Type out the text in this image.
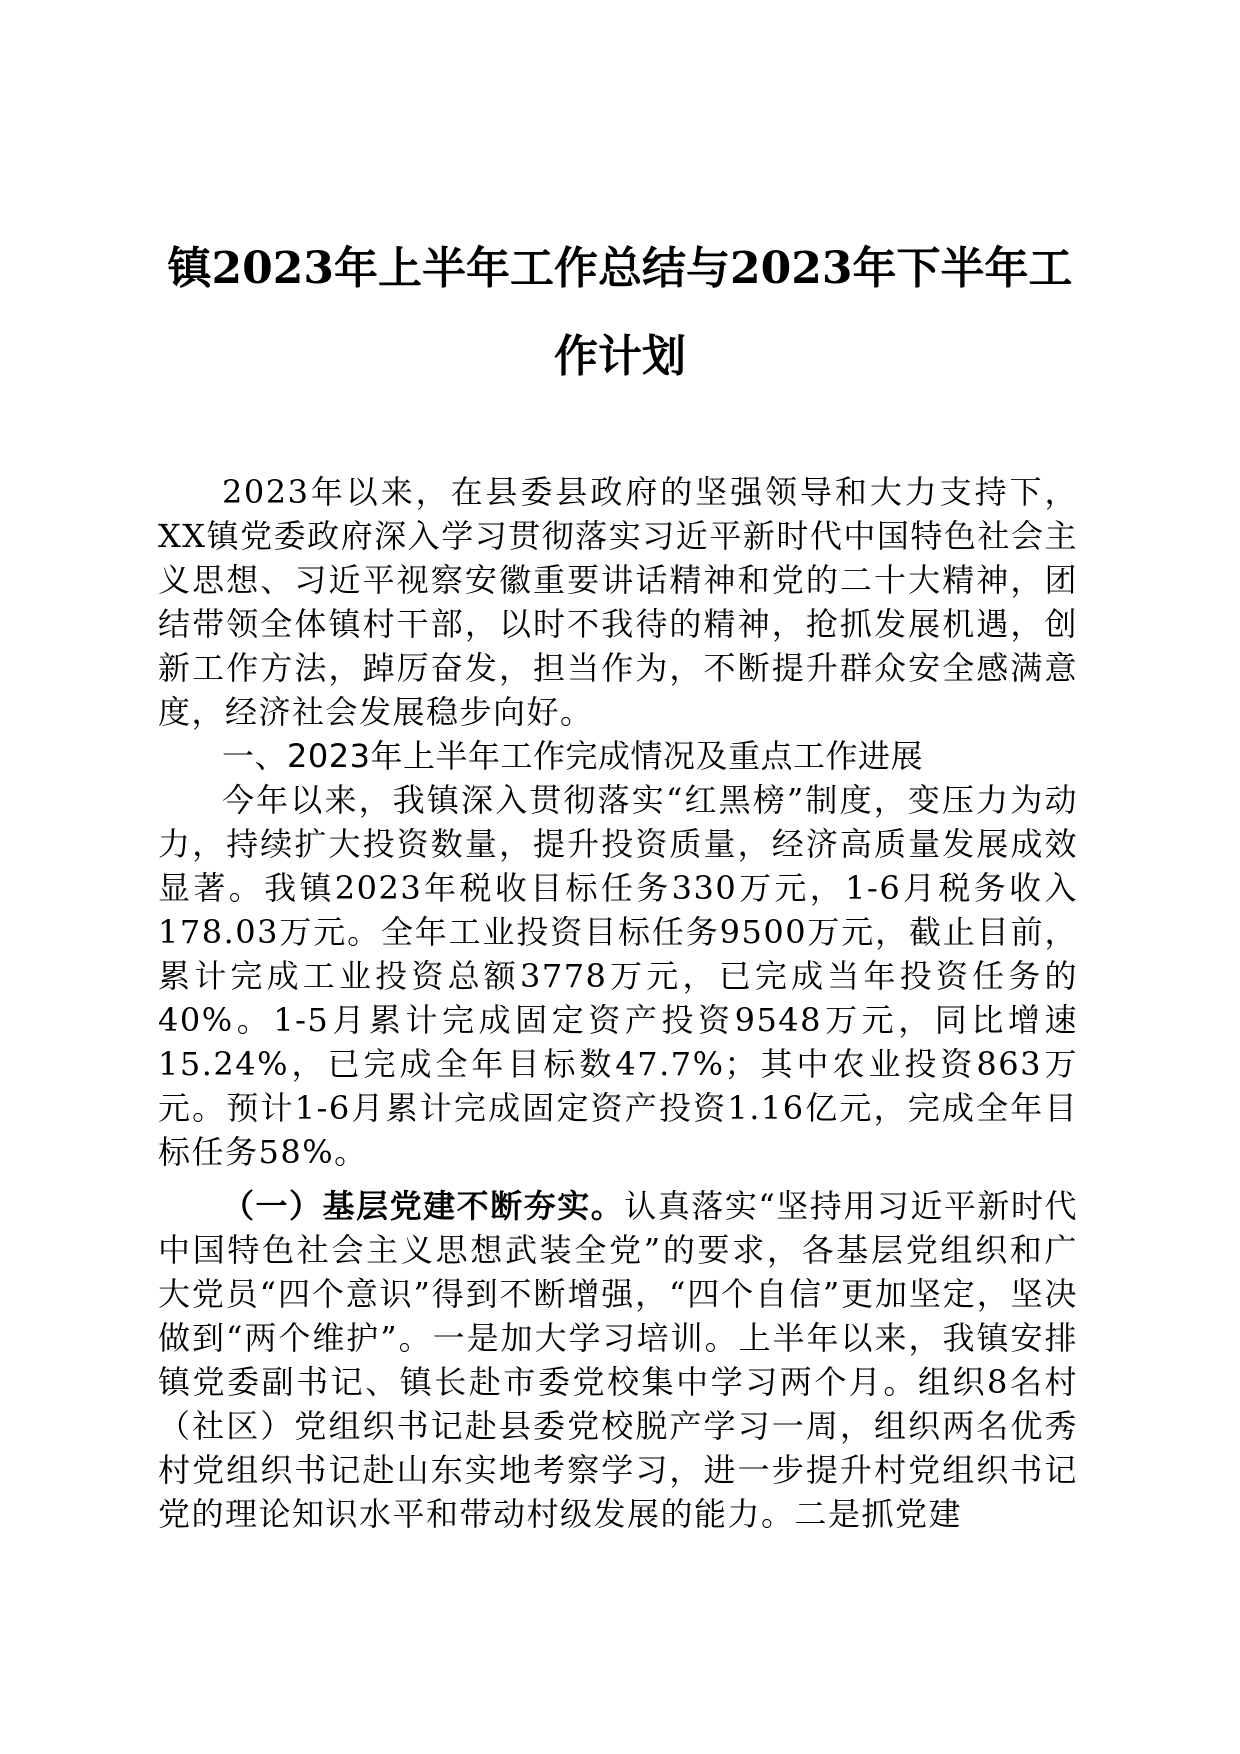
镇2023年上半年工作总结与2023年下半年工作计划

2023年以来，在县委县政府的坚强领导和大力支持下，XX镇党委政府深入学习贯彻落实习近平新时代中国特色社会主义思想、习近平视察安徽重要讲话精神和党的二十大精神，团结带领全体镇村干部，以时不我待的精神，抢抓发展机遇，创新工作方法，踔厉奋发，担当作为，不断提升群众安全感满意度，经济社会发展稳步向好。

一、2023年上半年工作完成情况及重点工作进展

今年以来，我镇深入贯彻落实“红黑榜”制度，变压力为动力，持续扩大投资数量，提升投资质量，经济高质量发展成效显著。我镇2023年税收目标任务330万元，1-6月税务收入178.03万元。全年工业投资目标任务9500万元，截止目前，累计完成工业投资总额3778万元，已完成当年投资任务的40%。1-5月累计完成固定资产投资9548万元，同比增速 15.24%，已完成全年目标数47.7%；其中农业投资863万元。预计1-6月累计完成固定资产投资1.16亿元，完成全年目标任务58%。

（一）基层党建不断夯实。认真落实“坚持用习近平新时代中国特色社会主义思想武装全党”的要求，各基层党组织和广大党员“四个意识”得到不断增强，“四个自信”更加坚定，坚决做到“两个维护”。一是加大学习培训。上半年以来，我镇安排镇党委副书记、镇长赴市委党校集中学习两个月。组织8名村（社区）党组织书记赴县委党校脱产学习一周，组织两名优秀村党组织书记赴山东实地考察学习，进一步提升村党组织书记党的理论知识水平和带动村级发展的能力。二是抓党建
